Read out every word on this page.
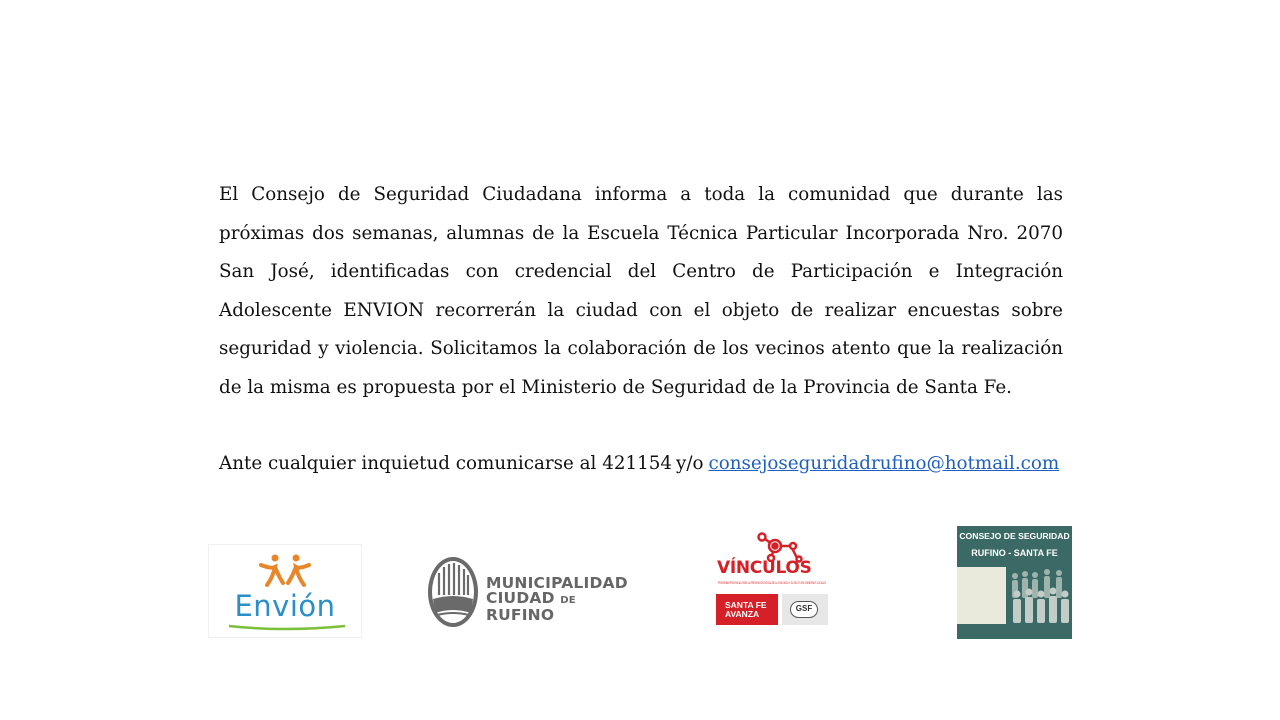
El Consejo de Seguridad Ciudadana informa a toda la comunidad que durante las próximas dos semanas, alumnas de la Escuela Técnica Particular Incorporada Nro. 2070 San José, identificadas con credencial del Centro de Participación e Integración Adolescente ENVION recorrerán la ciudad con el objeto de realizar encuestas sobre seguridad y violencia. Solicitamos la colaboración de los vecinos atento que la realización de la misma es propuesta por el Ministerio de Seguridad de la Provincia de Santa Fe.

Ante cualquier inquietud comunicarse al 421154 y/o consejoseguridadrufino@hotmail.com
Envión
MUNICIPALIDAD
CIUDAD DE RUFINO
VÍNCULOS
PROGRAMA PROVINCIAL PARA LA PREVENCIÓN SOCIAL DE LA VIOLENCIA Y EL DELITO EN GOBIERNOS LOCALES
SANTA FE
AVANZA
GSF
CONSEJO DE SEGURIDAD
RUFINO - SANTA FE
